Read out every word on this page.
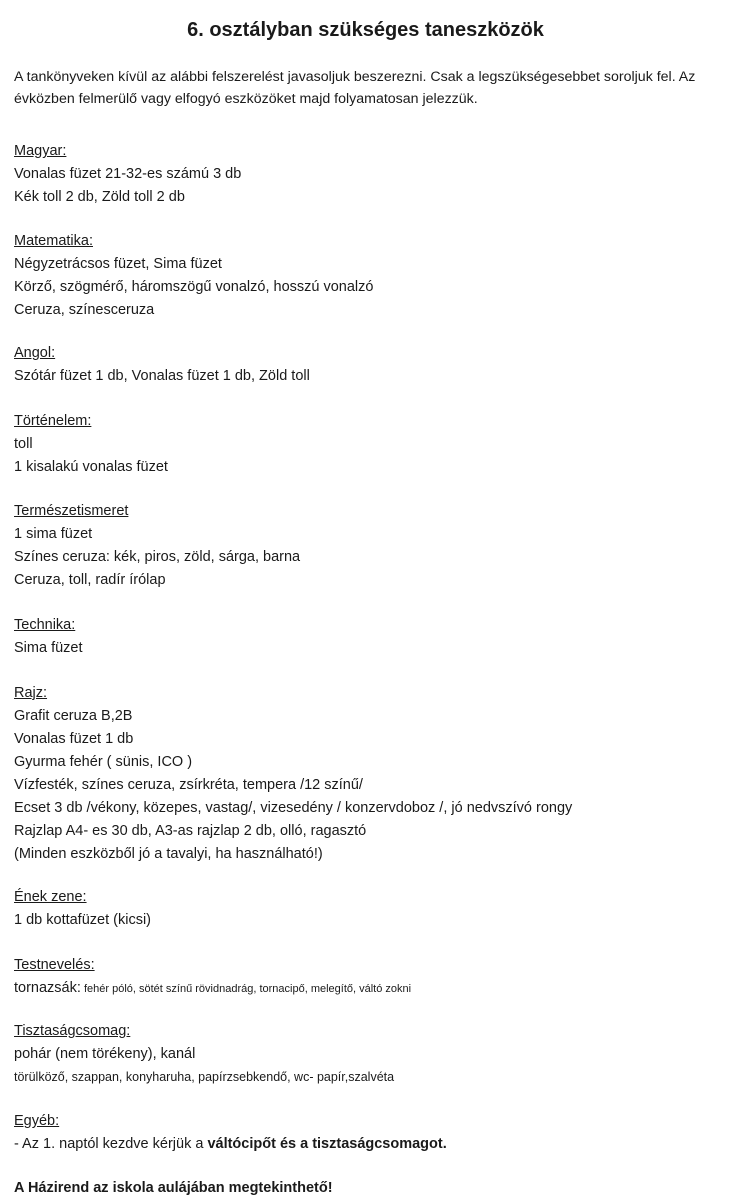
6. osztályban szükséges taneszközök
A tankönyveken kívül az alábbi felszerelést javasoljuk beszerezni. Csak a legszükségesebbet soroljuk fel. Az évközben felmerülő vagy elfogyó eszközöket majd folyamatosan jelezzük.
Magyar:
Vonalas füzet 21-32-es számú 3 db
Kék toll 2 db, Zöld toll 2 db
Matematika:
Négyzetrácsos füzet, Sima füzet
Körző, szögmérő, háromszögű vonalzó, hosszú vonalzó
Ceruza, színesceruza
Angol:
Szótár füzet 1 db, Vonalas füzet 1 db, Zöld toll
Történelem:
toll
1 kisalakú vonalas füzet
Természetismeret
1 sima füzet
Színes ceruza: kék, piros, zöld, sárga, barna
Ceruza, toll, radír írólap
Technika:
Sima füzet
Rajz:
Grafit ceruza B,2B
Vonalas füzet 1 db
Gyurma fehér ( sünis, ICO )
Vízfesték, színes ceruza, zsírkréta, tempera /12 színű/
Ecset 3 db /vékony, közepes, vastag/, vizesedény / konzervdoboz /, jó nedvszívó rongy
Rajzlap A4- es 30 db, A3-as rajzlap 2 db, olló, ragasztó
(Minden eszközből jó a tavalyi, ha használható!)
Ének zene:
1 db kottafüzet (kicsi)
Testnevelés:
tornazsák: fehér póló, sötét színű rövidnadrág, tornacipő, melegítő, váltó zokni
Tisztaságcsomag:
pohár (nem törékeny), kanál
törülköző, szappan, konyharuha, papírzsebkendő, wc- papír,szalvéta
Egyéb:
- Az 1. naptól kezdve kérjük a váltócipőt és a tisztaságcsomagot.
A Házirend az iskola aulájában megtekinthető!
